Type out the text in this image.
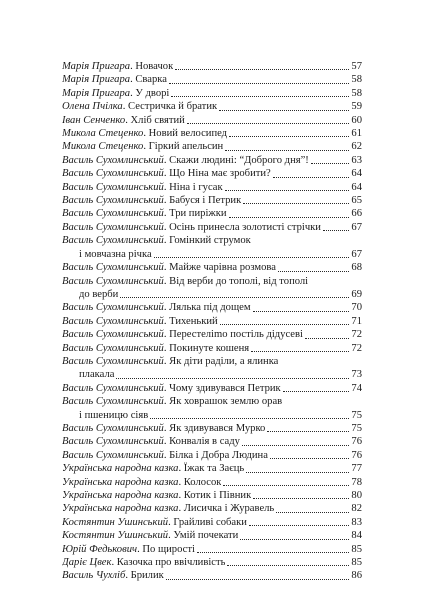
Марія Пригара. Новачок	57
Марія Пригара. Сварка	58
Марія Пригара. У дворі	58
Олена Пчілка. Сестричка й братик	59
Іван Сенченко. Хліб святий	60
Микола Стеценко. Новий велосипед	61
Микола Стеценко. Гіркий апельсин	62
Василь Сухомлинський. Скажи людині: “Доброго дня”!	63
Василь Сухомлинський. Що Ніна має зробити?	64
Василь Сухомлинський. Ніна і гусак	64
Василь Сухомлинський. Бабуся і Петрик	65
Василь Сухомлинський. Три пиріжки	66
Василь Сухомлинський. Осінь принесла золотисті стрічки	67
Василь Сухомлинський. Гомінкий струмок
і мовчазна річка	67
Василь Сухомлинський. Майже чарівна розмова	68
Василь Сухомлинський. Від верби до тополі, від тополі
до верби	69
Василь Сухомлинський. Лялька під дощем	70
Василь Сухомлинський. Тихенький	71
Василь Сухомлинський. Перестеліmo постіль дідусеві	72
Василь Сухомлинський. Покинуте кошеня	72
Василь Сухомлинський. Як діти раділи, а ялинка
плакала	73
Василь Сухомлинський. Чому здивувався Петрик	74
Василь Сухомлинський. Як ховрашок землю орав
і пшеницю сіяв	75
Василь Сухомлинський. Як здивувався Мурко	75
Василь Сухомлинський. Конвалія в саду	76
Василь Сухомлинський. Білка і Добра Людина	76
Українська народна казка. Їжак та Заєць	77
Українська народна казка. Колосок	78
Українська народна казка. Котик і Півник	80
Українська народна казка. Лисичка і Журавель	82
Костянтин Ушинський. Грайливі собаки	83
Костянтин Ушинський. Умій почекати	84
Юрій Федькович. По щирості	85
Даріє Цвек. Казочка про ввічливість	85
Василь Чухліб. Брилик	86
